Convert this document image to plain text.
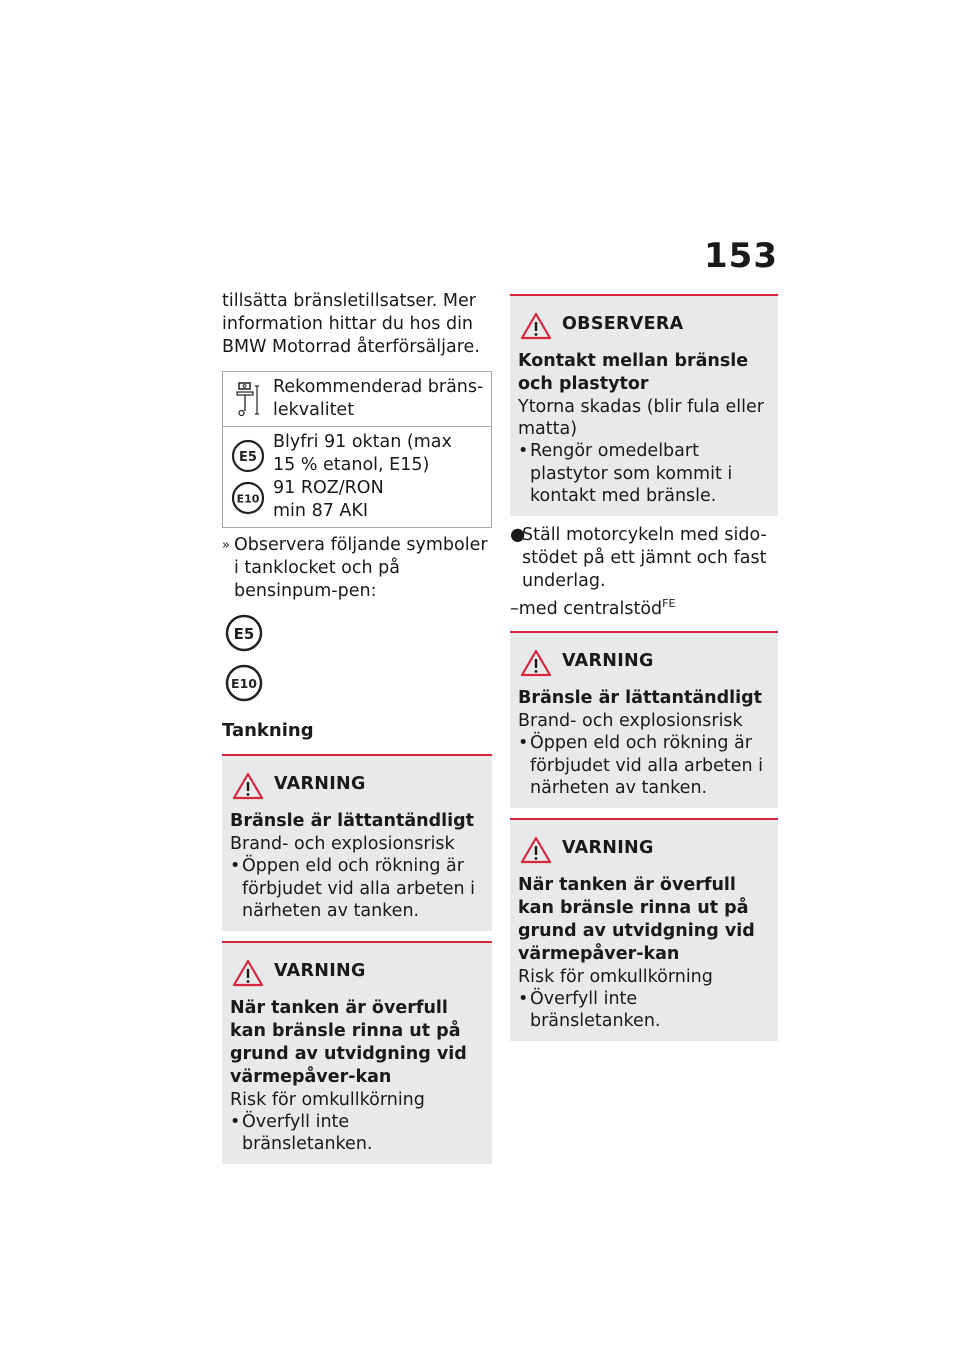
153

tillsätta bränsletillsatser. Mer information hittar du hos din BMW Motorrad återförsäljare.

Rekommenderad bräns-
lekvalitet
E5
E10
Blyfri 91 oktan (max
15 % etanol, E15)
91 ROZ/RON
min 87 AKI
» Observera följande symboler i tanklocket och på bensinpum-pen:
E5
E10
Tankning
VARNING
Bränsle är lättantändligt
Brand- och explosionsrisk
• Öppen eld och rökning är förbjudet vid alla arbeten i närheten av tanken.
VARNING
När tanken är överfull kan bränsle rinna ut på grund av utvidgning vid värmepåver-kan
Risk för omkullkörning
• Överfyll inte bränsletanken.
OBSERVERA
Kontakt mellan bränsle och plastytor
Ytorna skadas (blir fula eller matta)
• Rengör omedelbart plastytor som kommit i kontakt med bränsle.
●
Ställ motorcykeln med sido-stödet på ett jämnt och fast underlag.
–med centralstöd$^{FE}$
VARNING
Bränsle är lättantändligt
Brand- och explosionsrisk
• Öppen eld och rökning är förbjudet vid alla arbeten i närheten av tanken.
VARNING
När tanken är överfull kan bränsle rinna ut på grund av utvidgning vid värmepåver-kan
Risk för omkullkörning
• Överfyll inte bränsletanken.
